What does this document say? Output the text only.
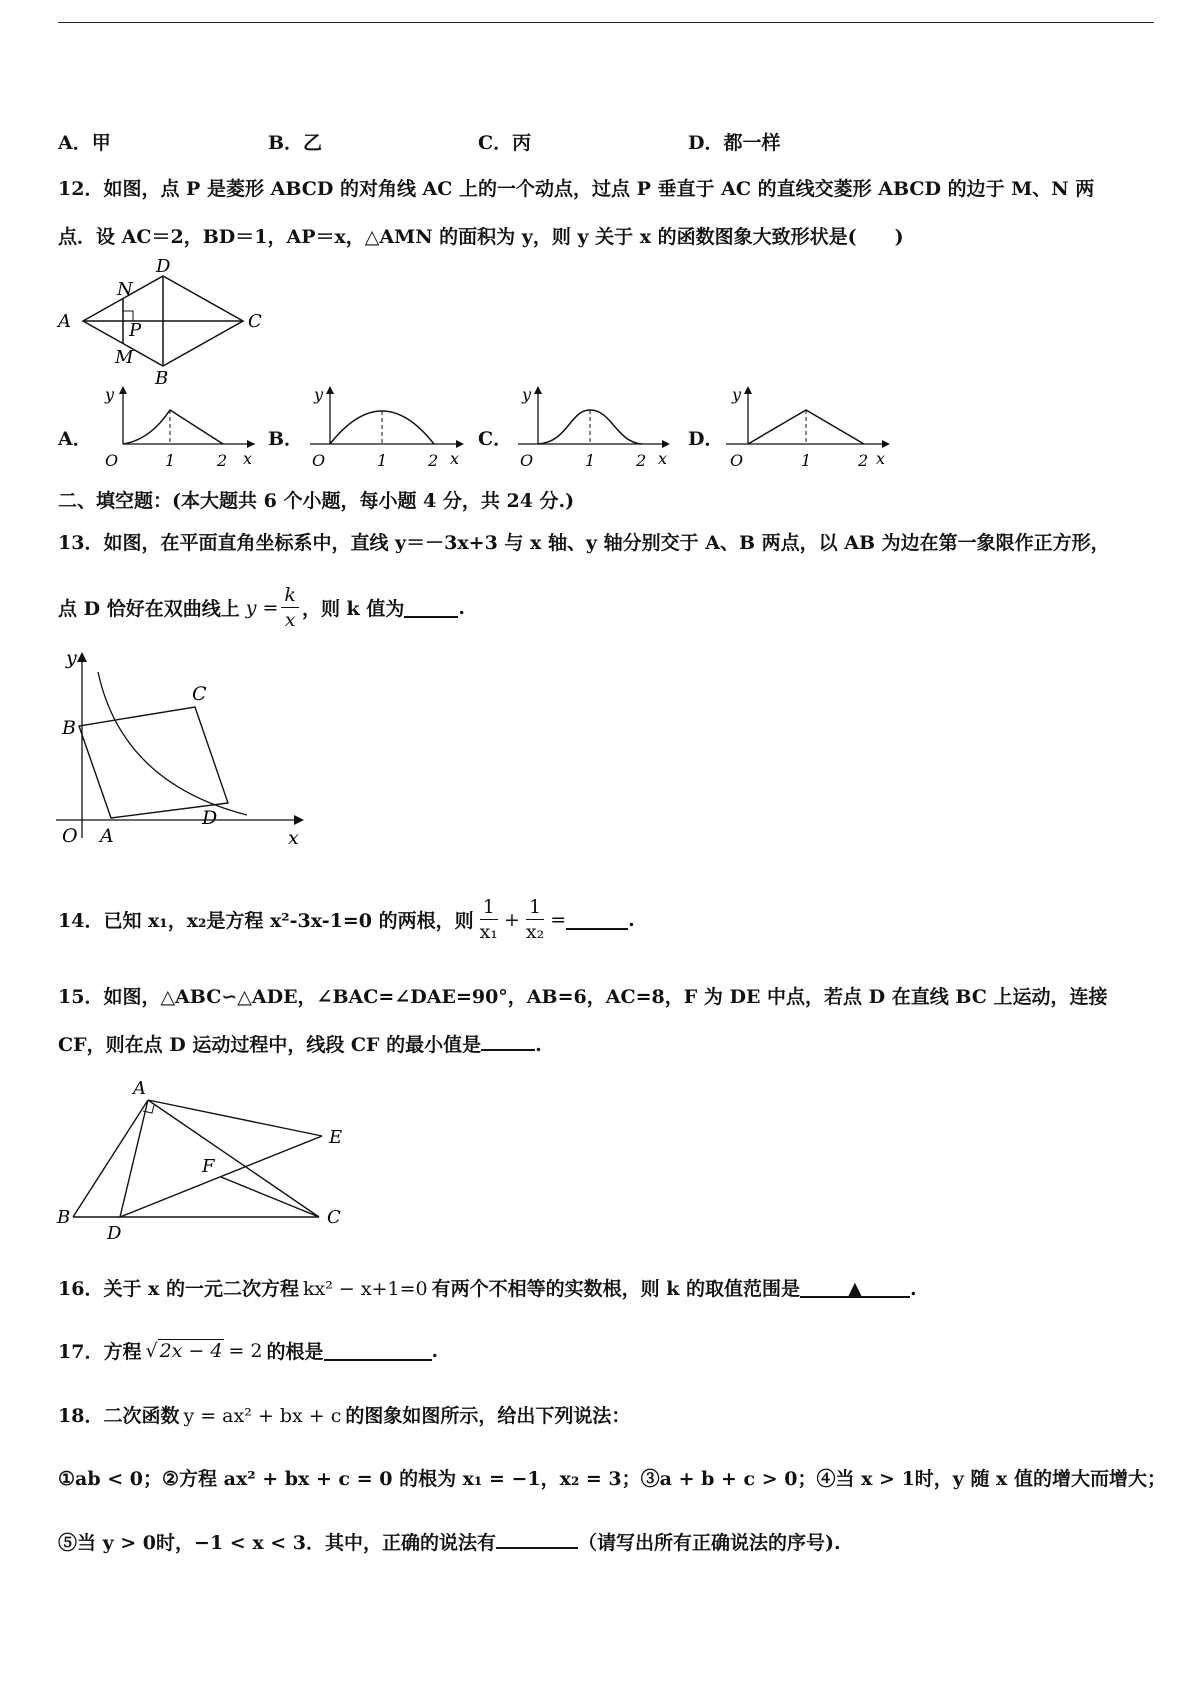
A．甲	B．乙	C．丙	D．都一样
12．如图，点 P 是菱形 ABCD 的对角线 AC 上的一个动点，过点 P 垂直于 AC 的直线交菱形 ABCD 的边于 M、N 两
点．设 AC＝2，BD＝1，AP＝x，△AMN 的面积为 y，则 y 关于 x 的函数图象大致形状是(　　)
A
D
C
B
N
M
P
A．	B．	C．	D．
y
O	1	2 x
y
O	1	2 x
y
O	1	2 x
y
O	1	2 x
二、填空题：(本大题共 6 个小题，每小题 4 分，共 24 分.)
13．如图，在平面直角坐标系中，直线 y＝－3x+3 与 x 轴、y 轴分别交于 A、B 两点，以 AB 为边在第一象限作正方形，
点 D 恰好在双曲线上 $y = \frac{k}{x}$ ，则 k 值为	.
y
x
O A
B
C
D
14．已知 x₁，x₂是方程 x²-3x-1=0 的两根，则 $\frac{1}{\text{x₁}} + \frac{1}{\text{x₂}}$ =	.
15．如图，△ABC∽△ADE，∠BAC=∠DAE=90°，AB=6，AC=8，F 为 DE 中点，若点 D 在直线 BC 上运动，连接
CF，则在点 D 运动过程中，线段 CF 的最小值是	.
A
B	C
D
E
F
16．关于 x 的一元二次方程 kx² − x+1=0 有两个不相等的实数根，则 k 的取值范围是	▲	.
17．方程 √ 2x − 4 = 2 的根是	.
18．二次函数 y = ax² + bx + c 的图象如图所示，给出下列说法：
①ab < 0；②方程 ax² + bx + c = 0 的根为 x₁ = −1，x₂ = 3；③a + b + c > 0；④当 x > 1时，y 随 x 值的增大而增大；
⑤当 y > 0时，−1 < x < 3．其中，正确的说法有	（请写出所有正确说法的序号).
